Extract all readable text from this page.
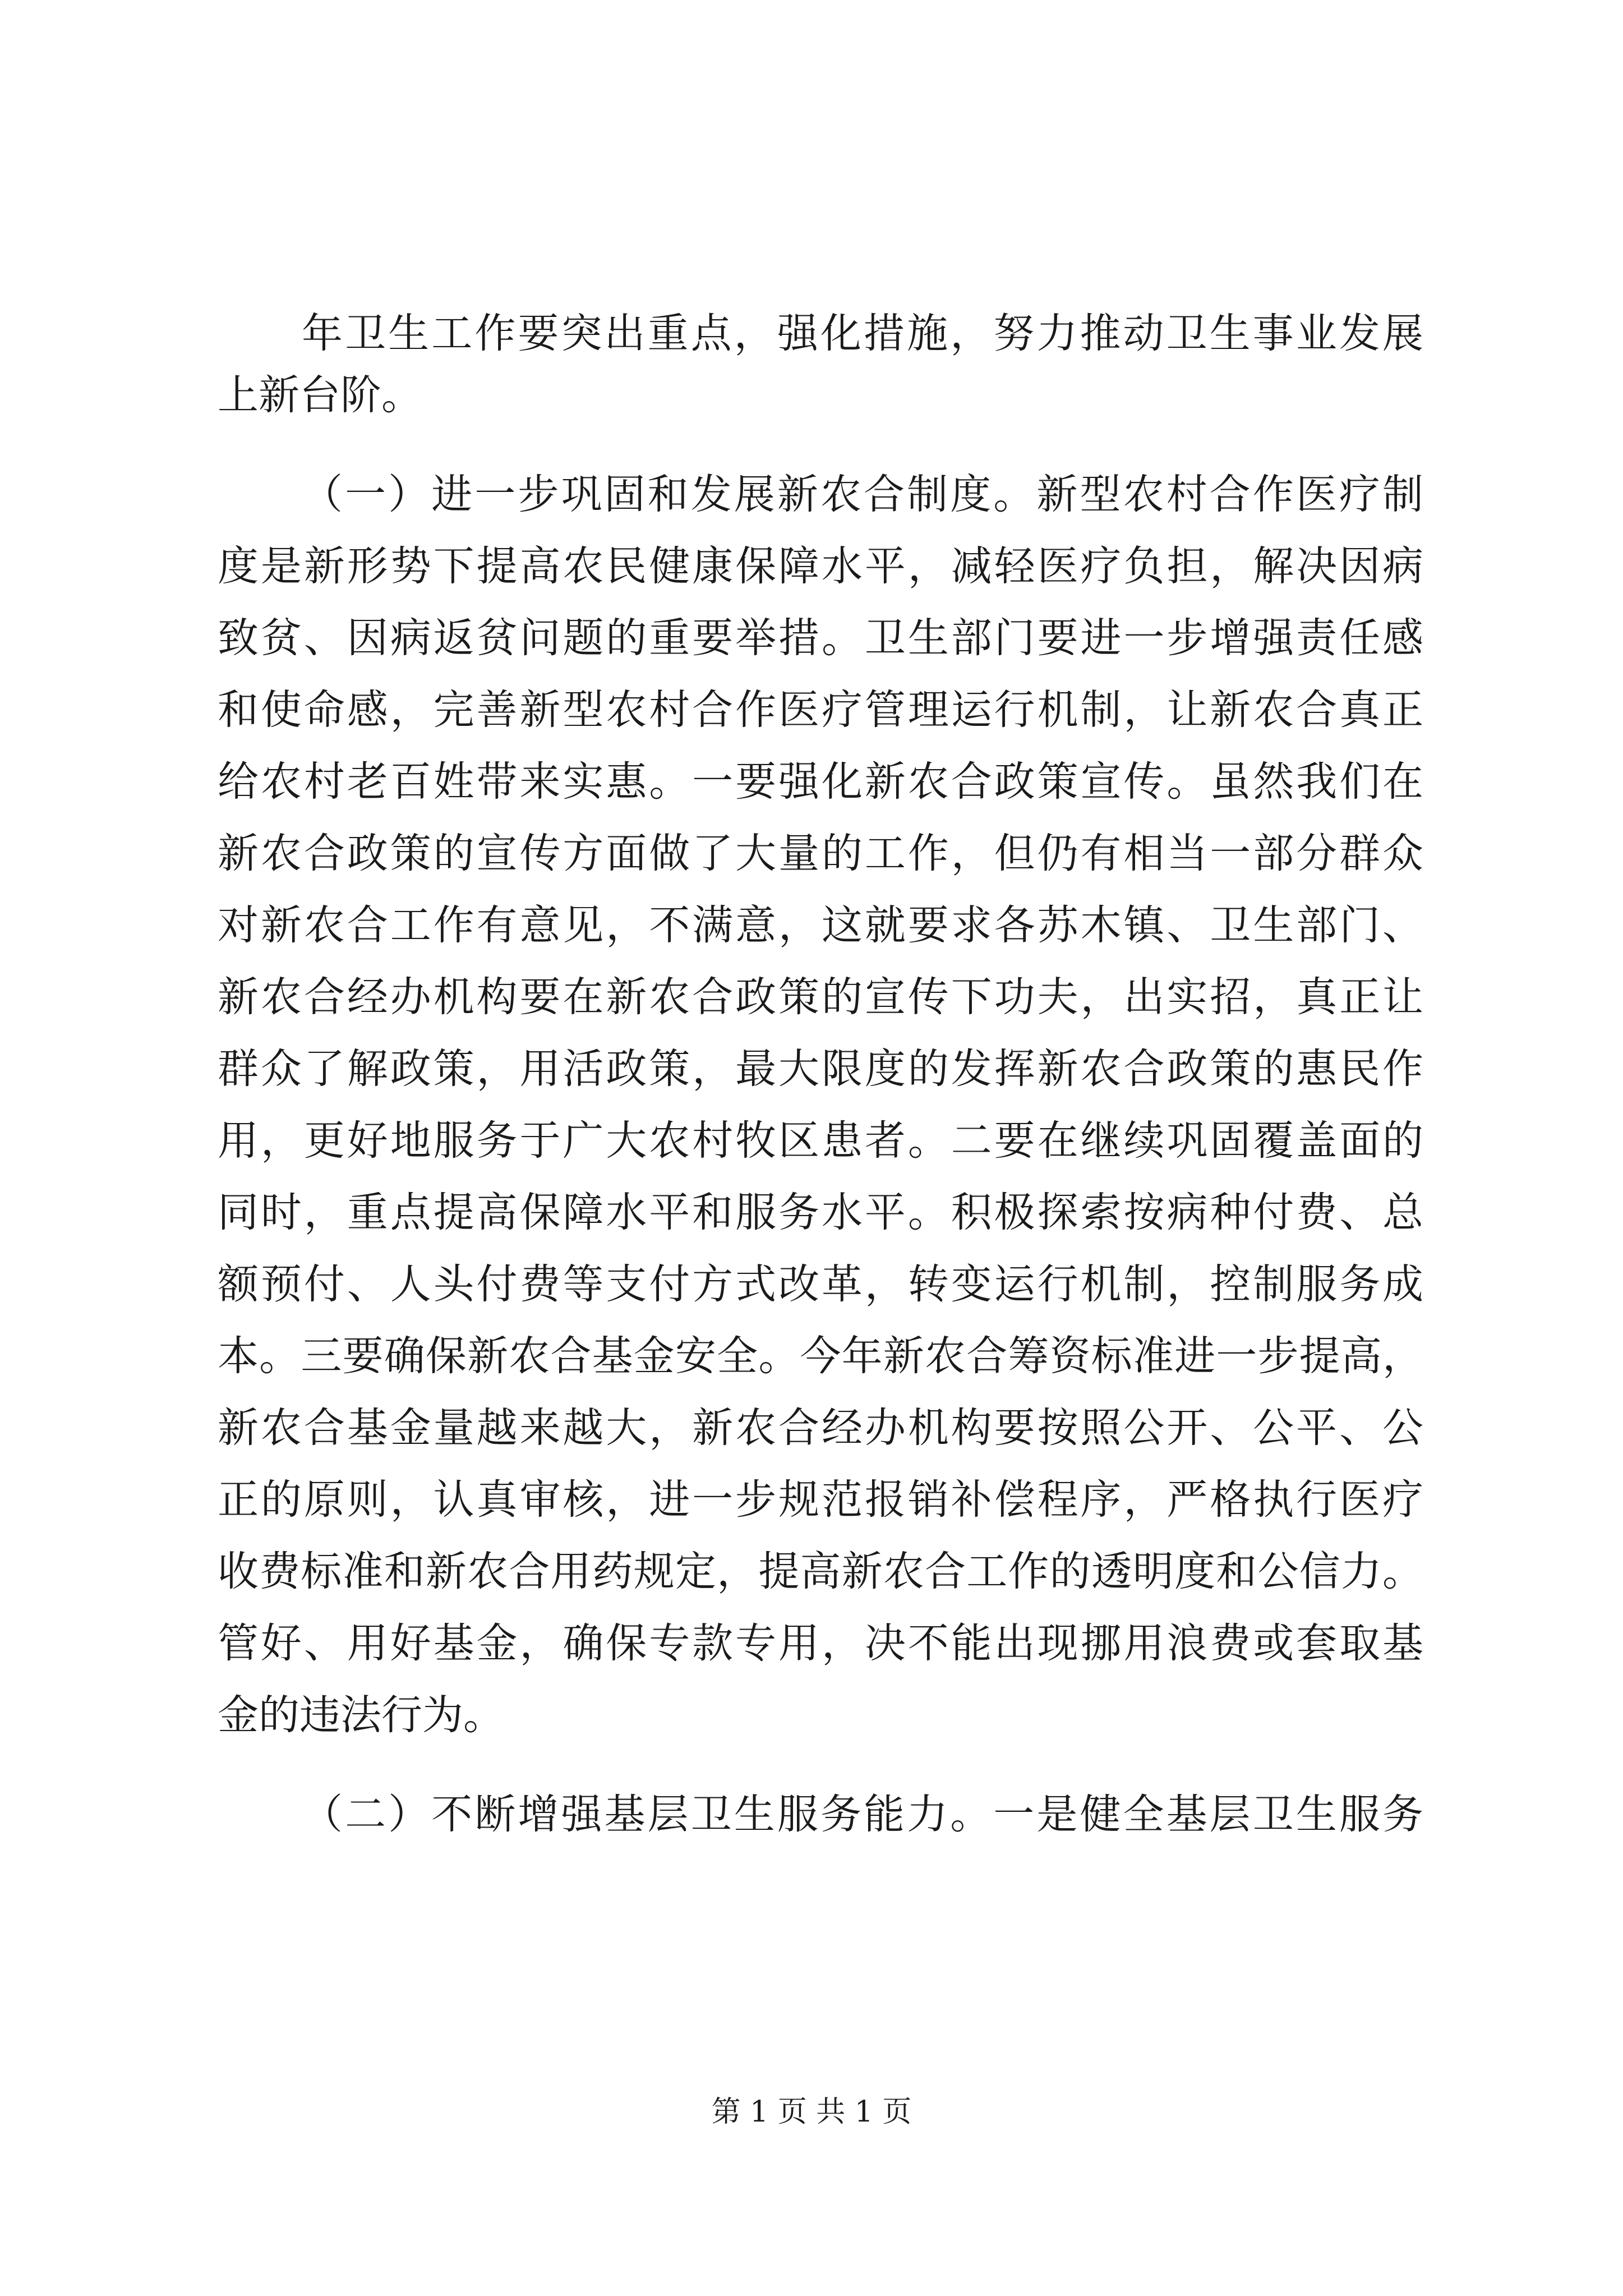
年卫生工作要突出重点，强化措施，努力推动卫生事业发展
上新台阶。
（一）进一步巩固和发展新农合制度。新型农村合作医疗制
度是新形势下提高农民健康保障水平，减轻医疗负担，解决因病
致贫、因病返贫问题的重要举措。卫生部门要进一步增强责任感
和使命感，完善新型农村合作医疗管理运行机制，让新农合真正
给农村老百姓带来实惠。一要强化新农合政策宣传。虽然我们在
新农合政策的宣传方面做了大量的工作，但仍有相当一部分群众
对新农合工作有意见，不满意，这就要求各苏木镇、卫生部门、
新农合经办机构要在新农合政策的宣传下功夫，出实招，真正让
群众了解政策，用活政策，最大限度的发挥新农合政策的惠民作
用，更好地服务于广大农村牧区患者。二要在继续巩固覆盖面的
同时，重点提高保障水平和服务水平。积极探索按病种付费、总
额预付、人头付费等支付方式改革，转变运行机制，控制服务成
本。三要确保新农合基金安全。今年新农合筹资标准进一步提高，
新农合基金量越来越大，新农合经办机构要按照公开、公平、公
正的原则，认真审核，进一步规范报销补偿程序，严格执行医疗
收费标准和新农合用药规定，提高新农合工作的透明度和公信力。
管好、用好基金，确保专款专用，决不能出现挪用浪费或套取基
金的违法行为。
（二）不断增强基层卫生服务能力。一是健全基层卫生服务
第 1 页 共 1 页
